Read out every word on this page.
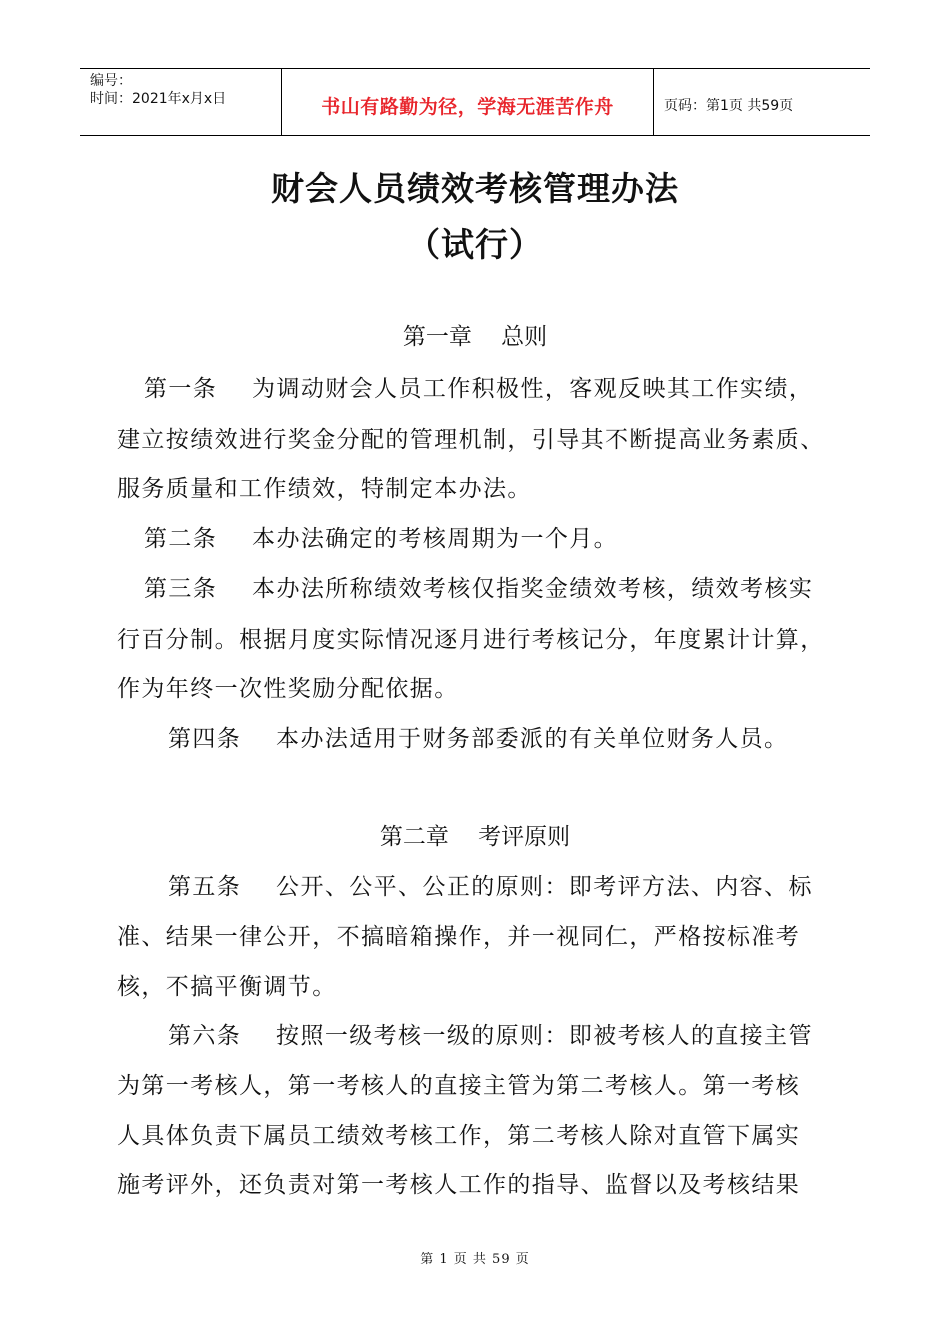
编号：
时间：2021年x月x日	书山有路勤为径，学海无涯苦作舟	页码：第1页 共59页
财会人员绩效考核管理办法
（试行）
第一章    总则
第一条    为调动财会人员工作积极性，客观反映其工作实绩，
建立按绩效进行奖金分配的管理机制，引导其不断提高业务素质、
服务质量和工作绩效，特制定本办法。
第二条    本办法确定的考核周期为一个月。
第三条    本办法所称绩效考核仅指奖金绩效考核，绩效考核实
行百分制。根据月度实际情况逐月进行考核记分，年度累计计算，
作为年终一次性奖励分配依据。
第四条    本办法适用于财务部委派的有关单位财务人员。
第二章    考评原则
第五条    公开、公平、公正的原则：即考评方法、内容、标
准、结果一律公开，不搞暗箱操作，并一视同仁，严格按标准考
核，不搞平衡调节。
第六条    按照一级考核一级的原则：即被考核人的直接主管
为第一考核人，第一考核人的直接主管为第二考核人。第一考核
人具体负责下属员工绩效考核工作，第二考核人除对直管下属实
施考评外，还负责对第一考核人工作的指导、监督以及考核结果
第 1 页 共 59 页
